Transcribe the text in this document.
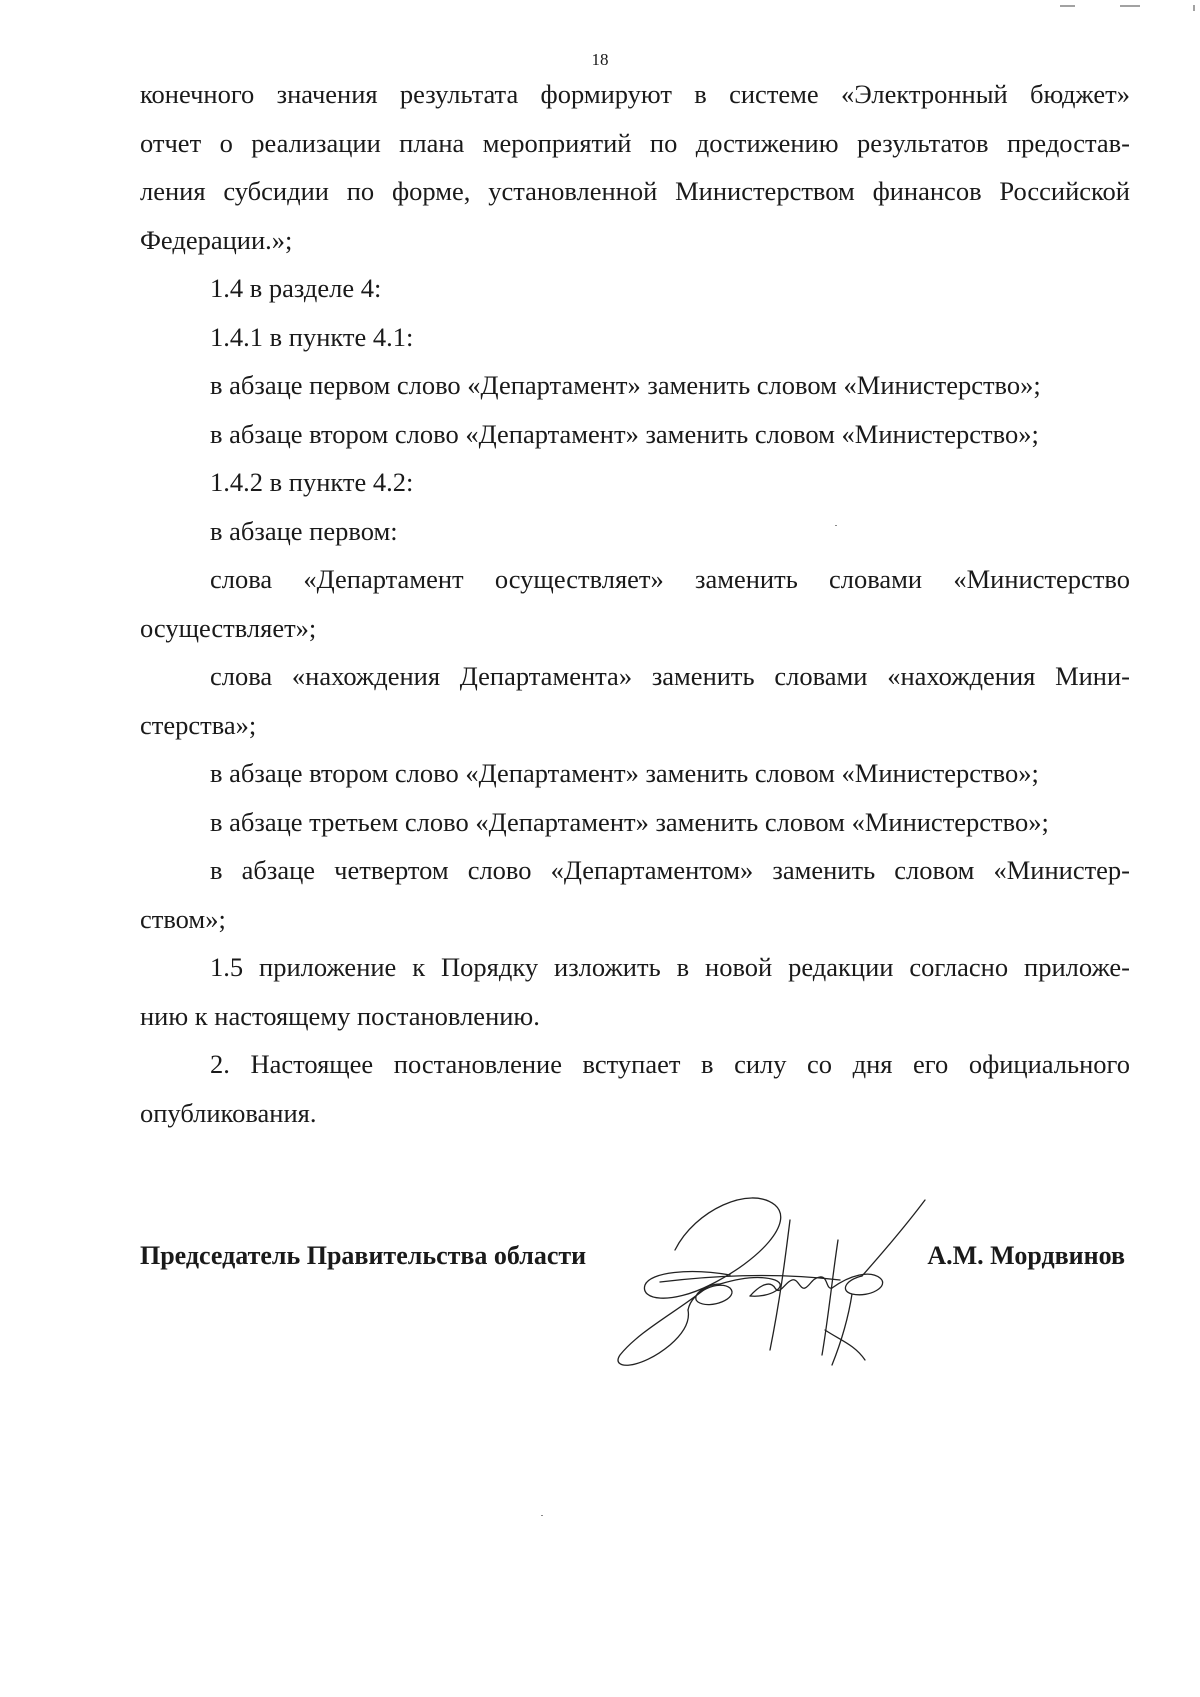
18
конечного значения результата формируют в системе «Электронный бюджет»
отчет о реализации плана мероприятий по достижению результатов предостав-
ления субсидии по форме, установленной Министерством финансов Российской
Федерации.»;
1.4 в разделе 4:
1.4.1 в пункте 4.1:
в абзаце первом слово «Департамент» заменить словом «Министерство»;
в абзаце втором слово «Департамент» заменить словом «Министерство»;
1.4.2 в пункте 4.2:
в абзаце первом:
слова «Департамент осуществляет» заменить словами «Министерство
осуществляет»;
слова «нахождения Департамента» заменить словами «нахождения Мини-
стерства»;
в абзаце втором слово «Департамент» заменить словом «Министерство»;
в абзаце третьем слово «Департамент» заменить словом «Министерство»;
в абзаце четвертом слово «Департаментом» заменить словом «Министер-
ством»;
1.5 приложение к Порядку изложить в новой редакции согласно приложе-
нию к настоящему постановлению.
2. Настоящее постановление вступает в силу со дня его официального
опубликования.
Председатель Правительства области	А.М. Мордвинов
